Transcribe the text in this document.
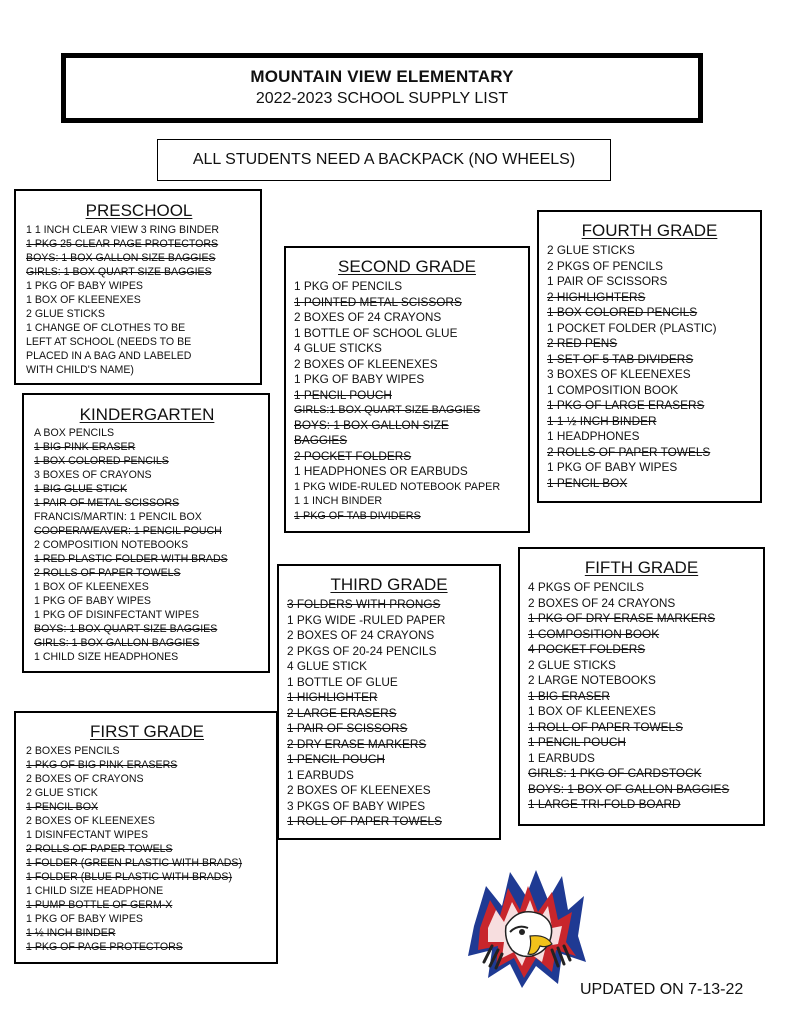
MOUNTAIN VIEW ELEMENTARY
2022-2023 SCHOOL SUPPLY LIST
ALL STUDENTS NEED A BACKPACK (NO WHEELS)
PRESCHOOL
1 1 INCH CLEAR VIEW 3 RING BINDER
1 PKG 25 CLEAR PAGE PROTECTORS
BOYS: 1 BOX GALLON SIZE BAGGIES
GIRLS: 1 BOX QUART SIZE BAGGIES
1 PKG OF BABY WIPES
1 BOX OF KLEENEXES
2 GLUE STICKS
1 CHANGE OF CLOTHES TO BE
LEFT AT SCHOOL (NEEDS TO BE
PLACED IN A BAG AND LABELED
WITH CHILD'S NAME)
KINDERGARTEN
A BOX PENCILS
1 BIG PINK ERASER
1 BOX COLORED PENCILS
3 BOXES OF CRAYONS
1 BIG GLUE STICK
1 PAIR OF METAL SCISSORS
FRANCIS/MARTIN: 1 PENCIL BOX
COOPER/WEAVER: 1 PENCIL POUCH
2 COMPOSITION NOTEBOOKS
1 RED PLASTIC FOLDER WITH BRADS
2 ROLLS OF PAPER TOWELS
1 BOX OF KLEENEXES
1 PKG OF BABY WIPES
1 PKG OF DISINFECTANT WIPES
BOYS: 1 BOX QUART SIZE BAGGIES
GIRLS: 1 BOX GALLON BAGGIES
1 CHILD SIZE HEADPHONES
FIRST GRADE
2 BOXES PENCILS
1 PKG OF BIG PINK ERASERS
2 BOXES OF CRAYONS
2 GLUE STICK
1 PENCIL BOX
2 BOXES OF KLEENEXES
1 DISINFECTANT WIPES
2 ROLLS OF PAPER TOWELS
1 FOLDER (GREEN PLASTIC WITH BRADS)
1 FOLDER (BLUE PLASTIC WITH BRADS)
1 CHILD SIZE HEADPHONE
1 PUMP BOTTLE OF GERM-X
1 PKG OF BABY WIPES
1 ½ INCH BINDER
1 PKG OF PAGE PROTECTORS
SECOND GRADE
1 PKG OF PENCILS
1 POINTED METAL SCISSORS
2 BOXES OF 24 CRAYONS
1 BOTTLE OF SCHOOL GLUE
4 GLUE STICKS
2 BOXES OF KLEENEXES
1 PKG OF BABY WIPES
1 PENCIL POUCH
GIRLS:1 BOX QUART SIZE BAGGIES
BOYS: 1 BOX GALLON SIZE
BAGGIES
2 POCKET FOLDERS
1 HEADPHONES OR EARBUDS
1 PKG WIDE-RULED NOTEBOOK PAPER
1 1 INCH BINDER
1 PKG OF TAB DIVIDERS
THIRD GRADE
3 FOLDERS WITH PRONGS
1 PKG WIDE -RULED PAPER
2 BOXES OF 24 CRAYONS
2 PKGS OF 20-24 PENCILS
4 GLUE STICK
1 BOTTLE OF GLUE
1 HIGHLIGHTER
2 LARGE ERASERS
1 PAIR OF SCISSORS
2 DRY ERASE MARKERS
1 PENCIL POUCH
1 EARBUDS
2 BOXES OF KLEENEXES
3 PKGS OF BABY WIPES
1 ROLL OF PAPER TOWELS
FOURTH GRADE
2 GLUE STICKS
2 PKGS OF PENCILS
1 PAIR OF SCISSORS
2 HIGHLIGHTERS
1 BOX COLORED PENCILS
1 POCKET FOLDER (PLASTIC)
2 RED PENS
1 SET OF 5 TAB DIVIDERS
3 BOXES OF KLEENEXES
1 COMPOSITION BOOK
1 PKG OF LARGE ERASERS
1 1 ½ INCH BINDER
1 HEADPHONES
2 ROLLS OF PAPER TOWELS
1 PKG OF BABY WIPES
1 PENCIL BOX
FIFTH GRADE
4 PKGS OF PENCILS
2 BOXES OF 24 CRAYONS
1 PKG OF DRY ERASE MARKERS
1 COMPOSITION BOOK
4 POCKET FOLDERS
2 GLUE STICKS
2 LARGE NOTEBOOKS
1 BIG ERASER
1 BOX OF KLEENEXES
1 ROLL OF PAPER TOWELS
1 PENCIL POUCH
1 EARBUDS
GIRLS: 1 PKG OF CARDSTOCK
BOYS: 1 BOX OF GALLON BAGGIES
1 LARGE TRI-FOLD BOARD
UPDATED ON 7-13-22
